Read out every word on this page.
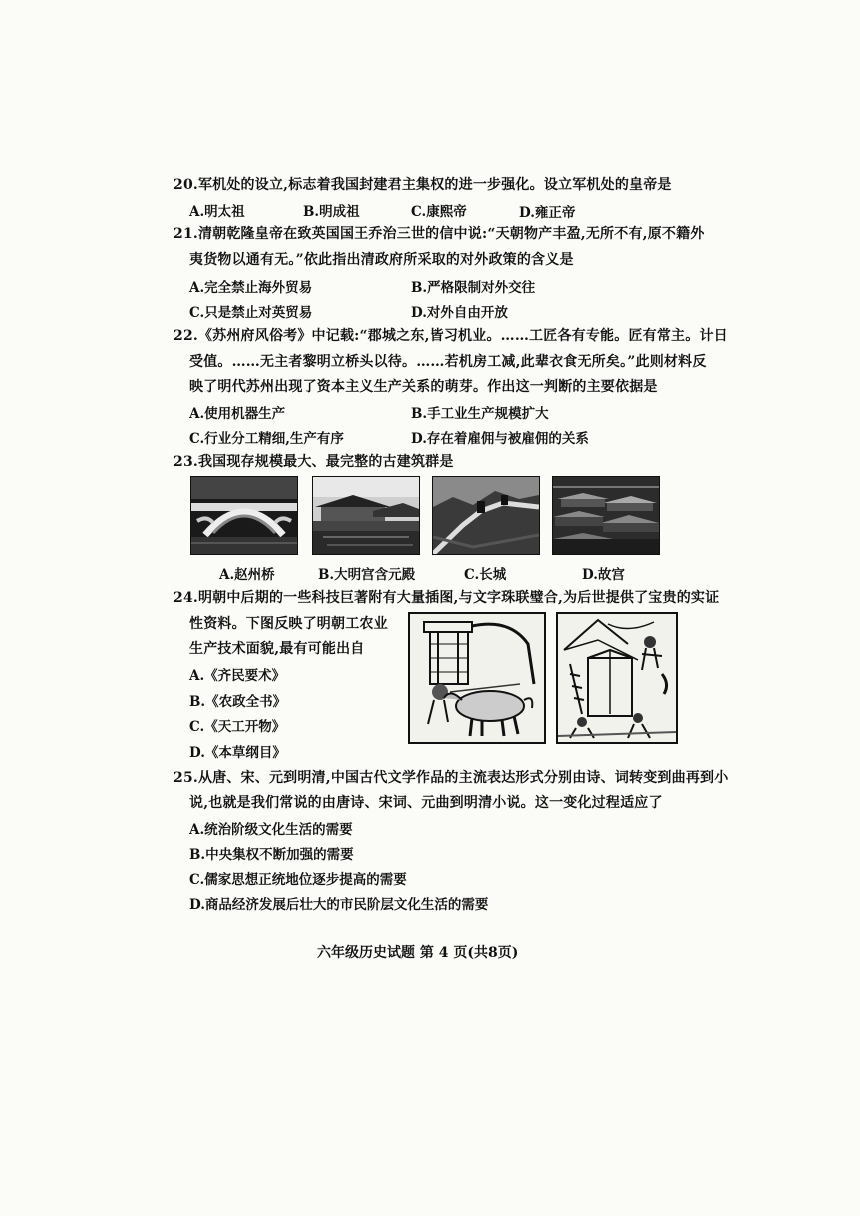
20.军机处的设立,标志着我国封建君主集权的进一步强化。设立军机处的皇帝是
A.明太祖	B.明成祖	C.康熙帝	D.雍正帝
21.清朝乾隆皇帝在致英国国王乔治三世的信中说:“天朝物产丰盈,无所不有,原不籍外
夷货物以通有无。”依此指出清政府所采取的对外政策的含义是
A.完全禁止海外贸易	B.严格限制对外交往
C.只是禁止对英贸易	D.对外自由开放
22.《苏州府风俗考》中记载:“郡城之东,皆习机业。……工匠各有专能。匠有常主。计日
受值。……无主者黎明立桥头以待。……若机房工减,此辈衣食无所矣。”此则材料反
映了明代苏州出现了资本主义生产关系的萌芽。作出这一判断的主要依据是
A.使用机器生产	B.手工业生产规模扩大
C.行业分工精细,生产有序	D.存在着雇佣与被雇佣的关系
23.我国现存规模最大、最完整的古建筑群是
A.赵州桥	B.大明宫含元殿	C.长城	D.故宫
24.明朝中后期的一些科技巨著附有大量插图,与文字珠联璧合,为后世提供了宝贵的实证
性资料。下图反映了明朝工农业
生产技术面貌,最有可能出自
A.《齐民要术》
B.《农政全书》
C.《天工开物》
D.《本草纲目》
25.从唐、宋、元到明清,中国古代文学作品的主流表达形式分别由诗、词转变到曲再到小
说,也就是我们常说的由唐诗、宋词、元曲到明清小说。这一变化过程适应了
A.统治阶级文化生活的需要
B.中央集权不断加强的需要
C.儒家思想正统地位逐步提高的需要
D.商品经济发展后壮大的市民阶层文化生活的需要
六年级历史试题 第 4 页(共8页)
